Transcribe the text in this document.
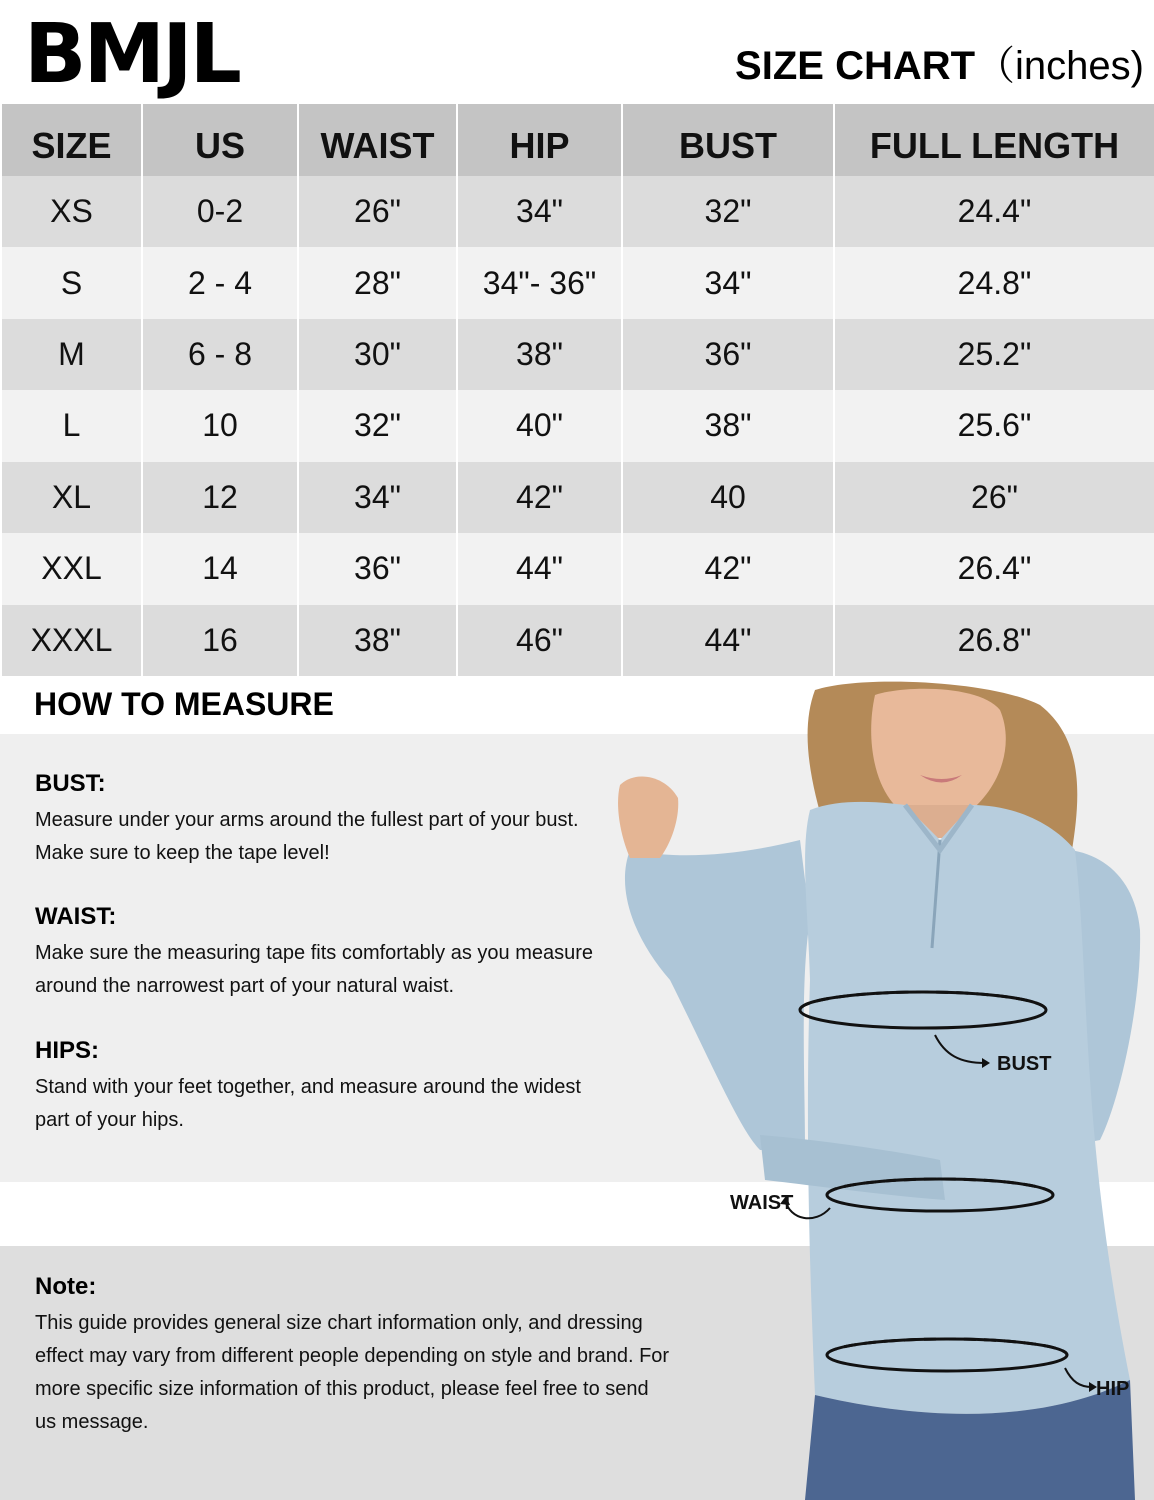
BMJL	SIZE CHART（inches)
SIZE	US	WAIST	HIP	BUST	FULL LENGTH
XS	0-2	26"	34"	32"	24.4"
S	2 - 4	28"	34"- 36"	34"	24.8"
M	6 - 8	30"	38"	36"	25.2"
L	10	32"	40"	38"	25.6"
XL	12	34"	42"	40	26"
XXL	14	36"	44"	42"	26.4"
XXXL	16	38"	46"	44"	26.8"
HOW TO MEASURE
BUST:

Measure under your arms around the fullest part of your bust.

Make sure to keep the tape level!

WAIST:

Make sure the measuring tape fits comfortably as you measure

around the narrowest part of your natural waist.

HIPS:

Stand with your feet together, and measure around the widest

part of your hips.

Note:

This guide provides general size chart information only, and dressing

effect may vary from different people depending on style and brand. For

more specific size information of this product, please feel free to send

us message.

BUST
WAIST
HIP
